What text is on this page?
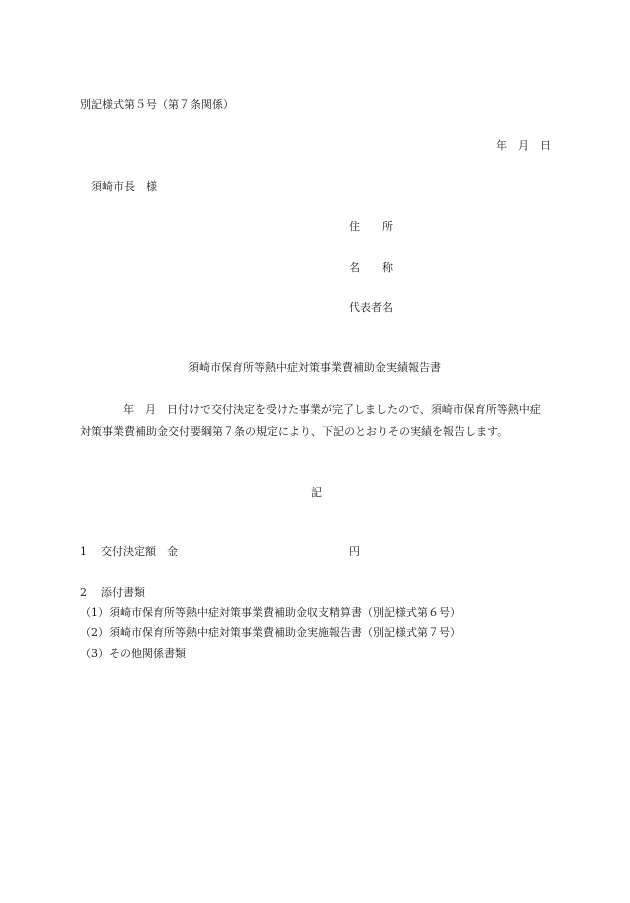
別記様式第５号（第７条関係）
年　月　日
須崎市長　様
住　　所
名　　称
代表者名
須崎市保育所等熱中症対策事業費補助金実績報告書
年　月　日付けで交付決定を受けた事業が完了しましたので、須崎市保育所等熱中症
対策事業費補助金交付要綱第７条の規定により、下記のとおりその実績を報告します。
記
1 交付決定額　金	円
2 添付書類
（1）須崎市保育所等熱中症対策事業費補助金収支精算書（別記様式第６号）
（2）須崎市保育所等熱中症対策事業費補助金実施報告書（別記様式第７号）
（3）その他関係書類
